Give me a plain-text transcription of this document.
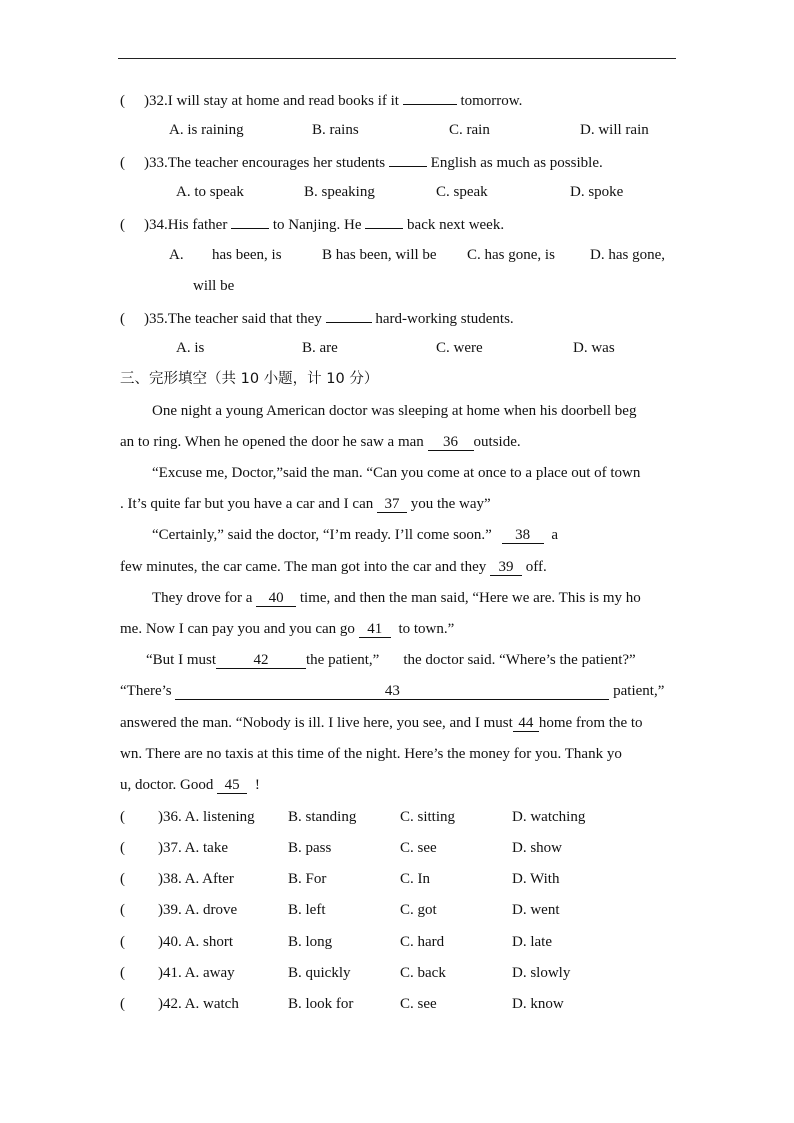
( )32.I will stay at home and read books if it	tomorrow.
A. is raining	B. rains	C. rain	D. will rain
( )33.The teacher encourages her students	English as much as possible.
A. to speak	B. speaking	C. speak	D. spoke
( )34.His father	to Nanjing. He	back next week.
A. has been, is	B has been, will be C. has gone, is D. has gone,
will be
( )35.The teacher said that they	hard-working students.
A. is	B. are	C. were	D. was
三、完形填空（共 10 小题，计 10 分）
One night a young American doctor was sleeping at home when his doorbell beg
an to ring. When he opened the door he saw a man 36 outside.
“Excuse me, Doctor,”said the man. “Can you come at once to a place out of town
. It’s quite far but you have a car and I can 37 you the way”
“Certainly,” said the doctor, “I’m ready. I’ll come soon.” 38 a
few minutes, the car came. The man got into the car and they 39 off.
They drove for a 40 time, and then the man said, “Here we are. This is my ho
me. Now I can pay you and you can go 41 to town.”
“But I must	42	the patient,” the doctor said. “Where’s the patient?”
“There’s	43	patient,”
answered the man. “Nobody is ill. I live here, you see, and I must 44 home from the to
wn. There are no taxis at this time of the night. Here’s the money for you. Thank yo
u, doctor. Good 45 !
( )36. A. listening B. standing	C. sitting	D. watching
( )37. A. take	B. pass	C. see	D. show
( )38. A. After	B. For	C. In	D. With
( )39. A. drove	B. left	C. got	D. went
( )40. A. short	B. long	C. hard	D. late
( )41. A. away	B. quickly	C. back	D. slowly
( )42. A. watch	B. look for	C. see	D. know
